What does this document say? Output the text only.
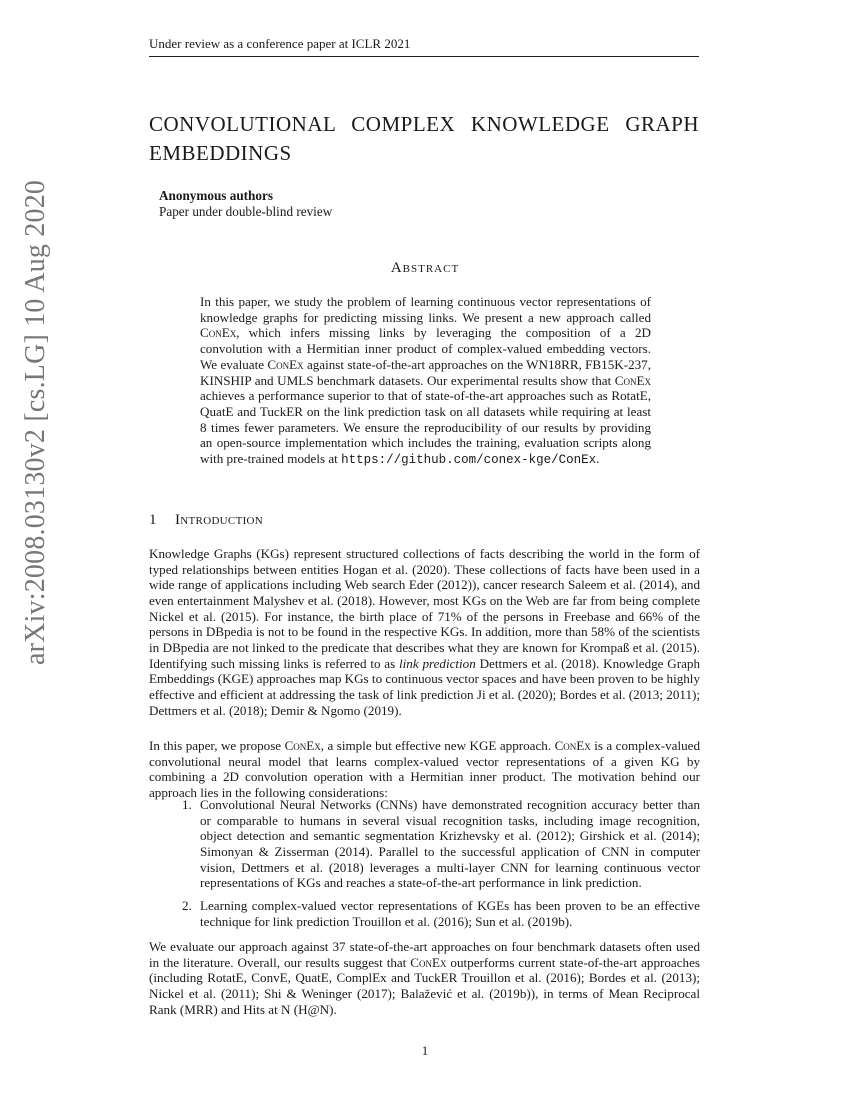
Under review as a conference paper at ICLR 2021
arXiv:2008.03130v2 [cs.LG] 10 Aug 2020
CONVOLUTIONAL COMPLEX KNOWLEDGE GRAPH EMBEDDINGS
Anonymous authors
Paper under double-blind review
Abstract
In this paper, we study the problem of learning continuous vector representations of knowledge graphs for predicting missing links. We present a new approach called ConEx, which infers missing links by leveraging the composition of a 2D convolution with a Hermitian inner product of complex-valued embedding vectors. We evaluate ConEx against state-of-the-art approaches on the WN18RR, FB15K-237, KINSHIP and UMLS benchmark datasets. Our experimental results show that ConEx achieves a performance superior to that of state-of-the-art approaches such as RotatE, QuatE and TuckER on the link prediction task on all datasets while requiring at least 8 times fewer parameters. We ensure the reproducibility of our results by providing an open-source implementation which includes the training, evaluation scripts along with pre-trained models at https://github.com/conex-kge/ConEx.
1 Introduction
Knowledge Graphs (KGs) represent structured collections of facts describing the world in the form of typed relationships between entities Hogan et al. (2020). These collections of facts have been used in a wide range of applications including Web search Eder (2012)), cancer research Saleem et al. (2014), and even entertainment Malyshev et al. (2018). However, most KGs on the Web are far from being complete Nickel et al. (2015). For instance, the birth place of 71% of the persons in Freebase and 66% of the persons in DBpedia is not to be found in the respective KGs. In addition, more than 58% of the scientists in DBpedia are not linked to the predicate that describes what they are known for Krompaß et al. (2015). Identifying such missing links is referred to as link prediction Dettmers et al. (2018). Knowledge Graph Embeddings (KGE) approaches map KGs to continuous vector spaces and have been proven to be highly effective and efficient at addressing the task of link prediction Ji et al. (2020); Bordes et al. (2013; 2011); Dettmers et al. (2018); Demir & Ngomo (2019).
In this paper, we propose ConEx, a simple but effective new KGE approach. ConEx is a complex-valued convolutional neural model that learns complex-valued vector representations of a given KG by combining a 2D convolution operation with a Hermitian inner product. The motivation behind our approach lies in the following considerations:
1. Convolutional Neural Networks (CNNs) have demonstrated recognition accuracy better than or comparable to humans in several visual recognition tasks, including image recognition, object detection and semantic segmentation Krizhevsky et al. (2012); Girshick et al. (2014); Simonyan & Zisserman (2014). Parallel to the successful application of CNN in computer vision, Dettmers et al. (2018) leverages a multi-layer CNN for learning continuous vector representations of KGs and reaches a state-of-the-art performance in link prediction.
2. Learning complex-valued vector representations of KGEs has been proven to be an effective technique for link prediction Trouillon et al. (2016); Sun et al. (2019b).
We evaluate our approach against 37 state-of-the-art approaches on four benchmark datasets often used in the literature. Overall, our results suggest that ConEx outperforms current state-of-the-art approaches (including RotatE, ConvE, QuatE, ComplEx and TuckER Trouillon et al. (2016); Bordes et al. (2013); Nickel et al. (2011); Shi & Weninger (2017); Balažević et al. (2019b)), in terms of Mean Reciprocal Rank (MRR) and Hits at N (H@N).
1
